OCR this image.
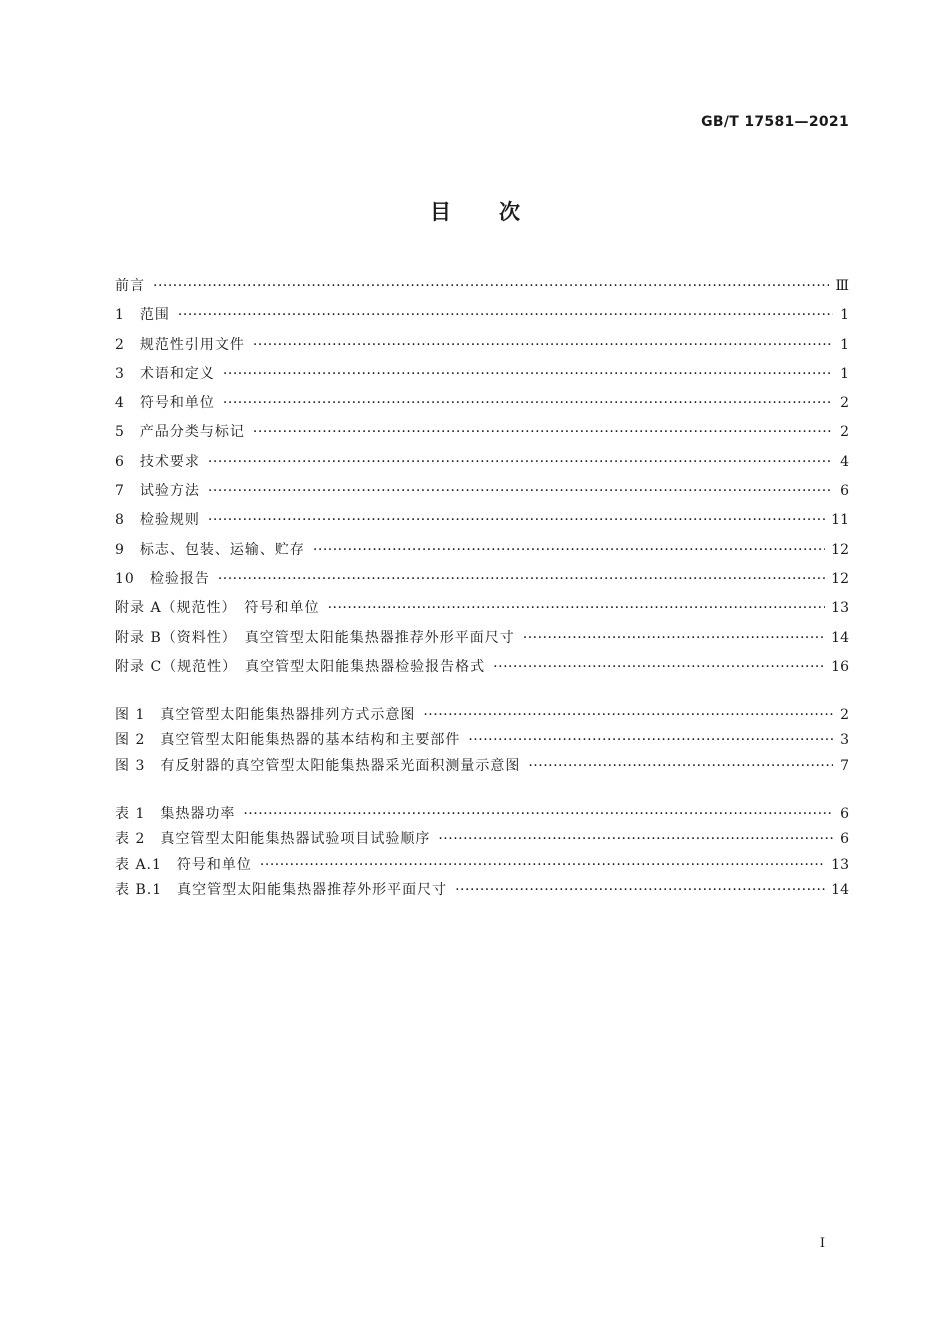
GB/T 17581—2021
目次
前言 ·····	Ⅲ
1　范围 ·····	1
2　规范性引用文件 ·····	1
3　术语和定义 ·····	1
4　符号和单位 ·····	2
5　产品分类与标记 ·····	2
6　技术要求 ·····	4
7　试验方法 ·····	6
8　检验规则 ·····	11
9　标志、包装、运输、贮存 ·····	12
10　检验报告 ·····	12
附录 A（规范性）　符号和单位 ·····	13
附录 B（资料性）　真空管型太阳能集热器推荐外形平面尺寸 ·····	14
附录 C（规范性）　真空管型太阳能集热器检验报告格式 ·····	16
图 1　真空管型太阳能集热器排列方式示意图 ·····	2
图 2　真空管型太阳能集热器的基本结构和主要部件 ·····	3
图 3　有反射器的真空管型太阳能集热器采光面积测量示意图 ·····	7
表 1　集热器功率 ·····	6
表 2　真空管型太阳能集热器试验项目试验顺序 ·····	6
表 A.1　符号和单位 ·····	13
表 B.1　真空管型太阳能集热器推荐外形平面尺寸 ·····	14
I
